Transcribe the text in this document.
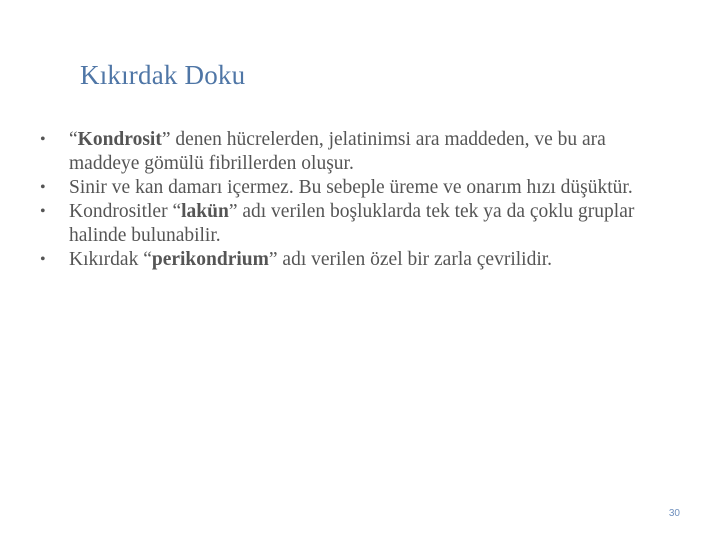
Kıkırdak Doku
• “Kondrosit” denen hücrelerden, jelatinimsi ara maddeden, ve bu ara maddeye gömülü fibrillerden oluşur.
• Sinir ve kan damarı içermez. Bu sebeple üreme ve onarım hızı düşüktür.
• Kondrositler “lakün” adı verilen boşluklarda tek tek ya da çoklu gruplar halinde bulunabilir.
• Kıkırdak “perikondrium” adı verilen özel bir zarla çevrilidir.
30
